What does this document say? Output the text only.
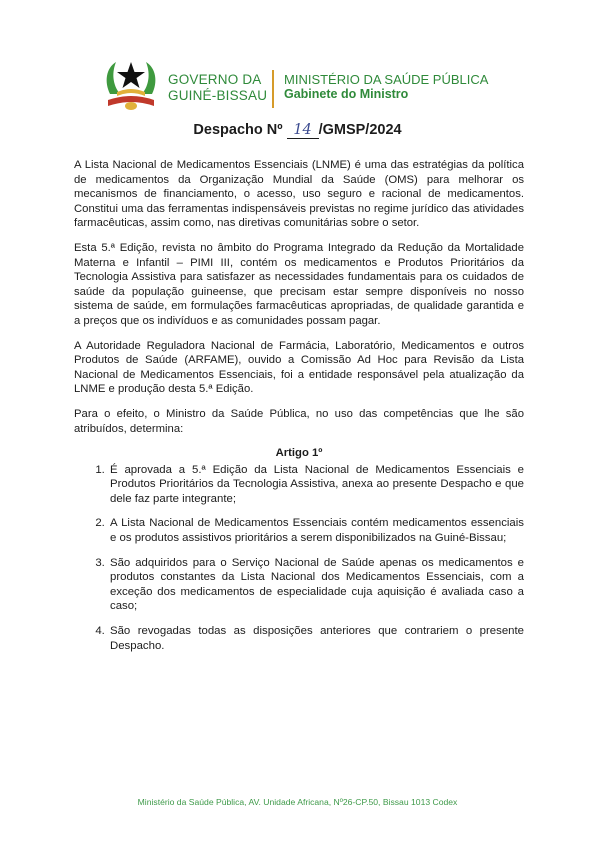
GOVERNO DA
GUINÉ-BISSAU
MINISTÉRIO DA SAÚDE PÚBLICA
Gabinete do Ministro
Despacho Nº 14 /GMSP/2024

A Lista Nacional de Medicamentos Essenciais (LNME) é uma das estratégias da política de medicamentos da Organização Mundial da Saúde (OMS) para melhorar os mecanismos de financiamento, o acesso, uso seguro e racional de medicamentos. Constitui uma das ferramentas indispensáveis previstas no regime jurídico das atividades farmacêuticas, assim como, nas diretivas comunitárias sobre o setor.

Esta 5.ª Edição, revista no âmbito do Programa Integrado da Redução da Mortalidade Materna e Infantil – PIMI III, contém os medicamentos e Produtos Prioritários da Tecnologia Assistiva para satisfazer as necessidades fundamentais para os cuidados de saúde da população guineense, que precisam estar sempre disponíveis no nosso sistema de saúde, em formulações farmacêuticas apropriadas, de qualidade garantida e a preços que os indivíduos e as comunidades possam pagar.

A Autoridade Reguladora Nacional de Farmácia, Laboratório, Medicamentos e outros Produtos de Saúde (ARFAME), ouvido a Comissão Ad Hoc para Revisão da Lista Nacional de Medicamentos Essenciais, foi a entidade responsável pela atualização da LNME e produção desta 5.ª Edição.

Para o efeito, o Ministro da Saúde Pública, no uso das competências que lhe são atribuídos, determina:

Artigo 1º
1. É aprovada a 5.ª Edição da Lista Nacional de Medicamentos Essenciais e Produtos Prioritários da Tecnologia Assistiva, anexa ao presente Despacho e que dele faz parte integrante;
2. A Lista Nacional de Medicamentos Essenciais contém medicamentos essenciais e os produtos assistivos prioritários a serem disponibilizados na Guiné-Bissau;
3. São adquiridos para o Serviço Nacional de Saúde apenas os medicamentos e produtos constantes da Lista Nacional dos Medicamentos Essenciais, com a exceção dos medicamentos de especialidade cuja aquisição é avaliada caso a caso;
4. São revogadas todas as disposições anteriores que contrariem o presente Despacho.
Ministério da Saúde Pública, AV. Unidade Africana, Nº26-CP.50, Bissau 1013 Codex
